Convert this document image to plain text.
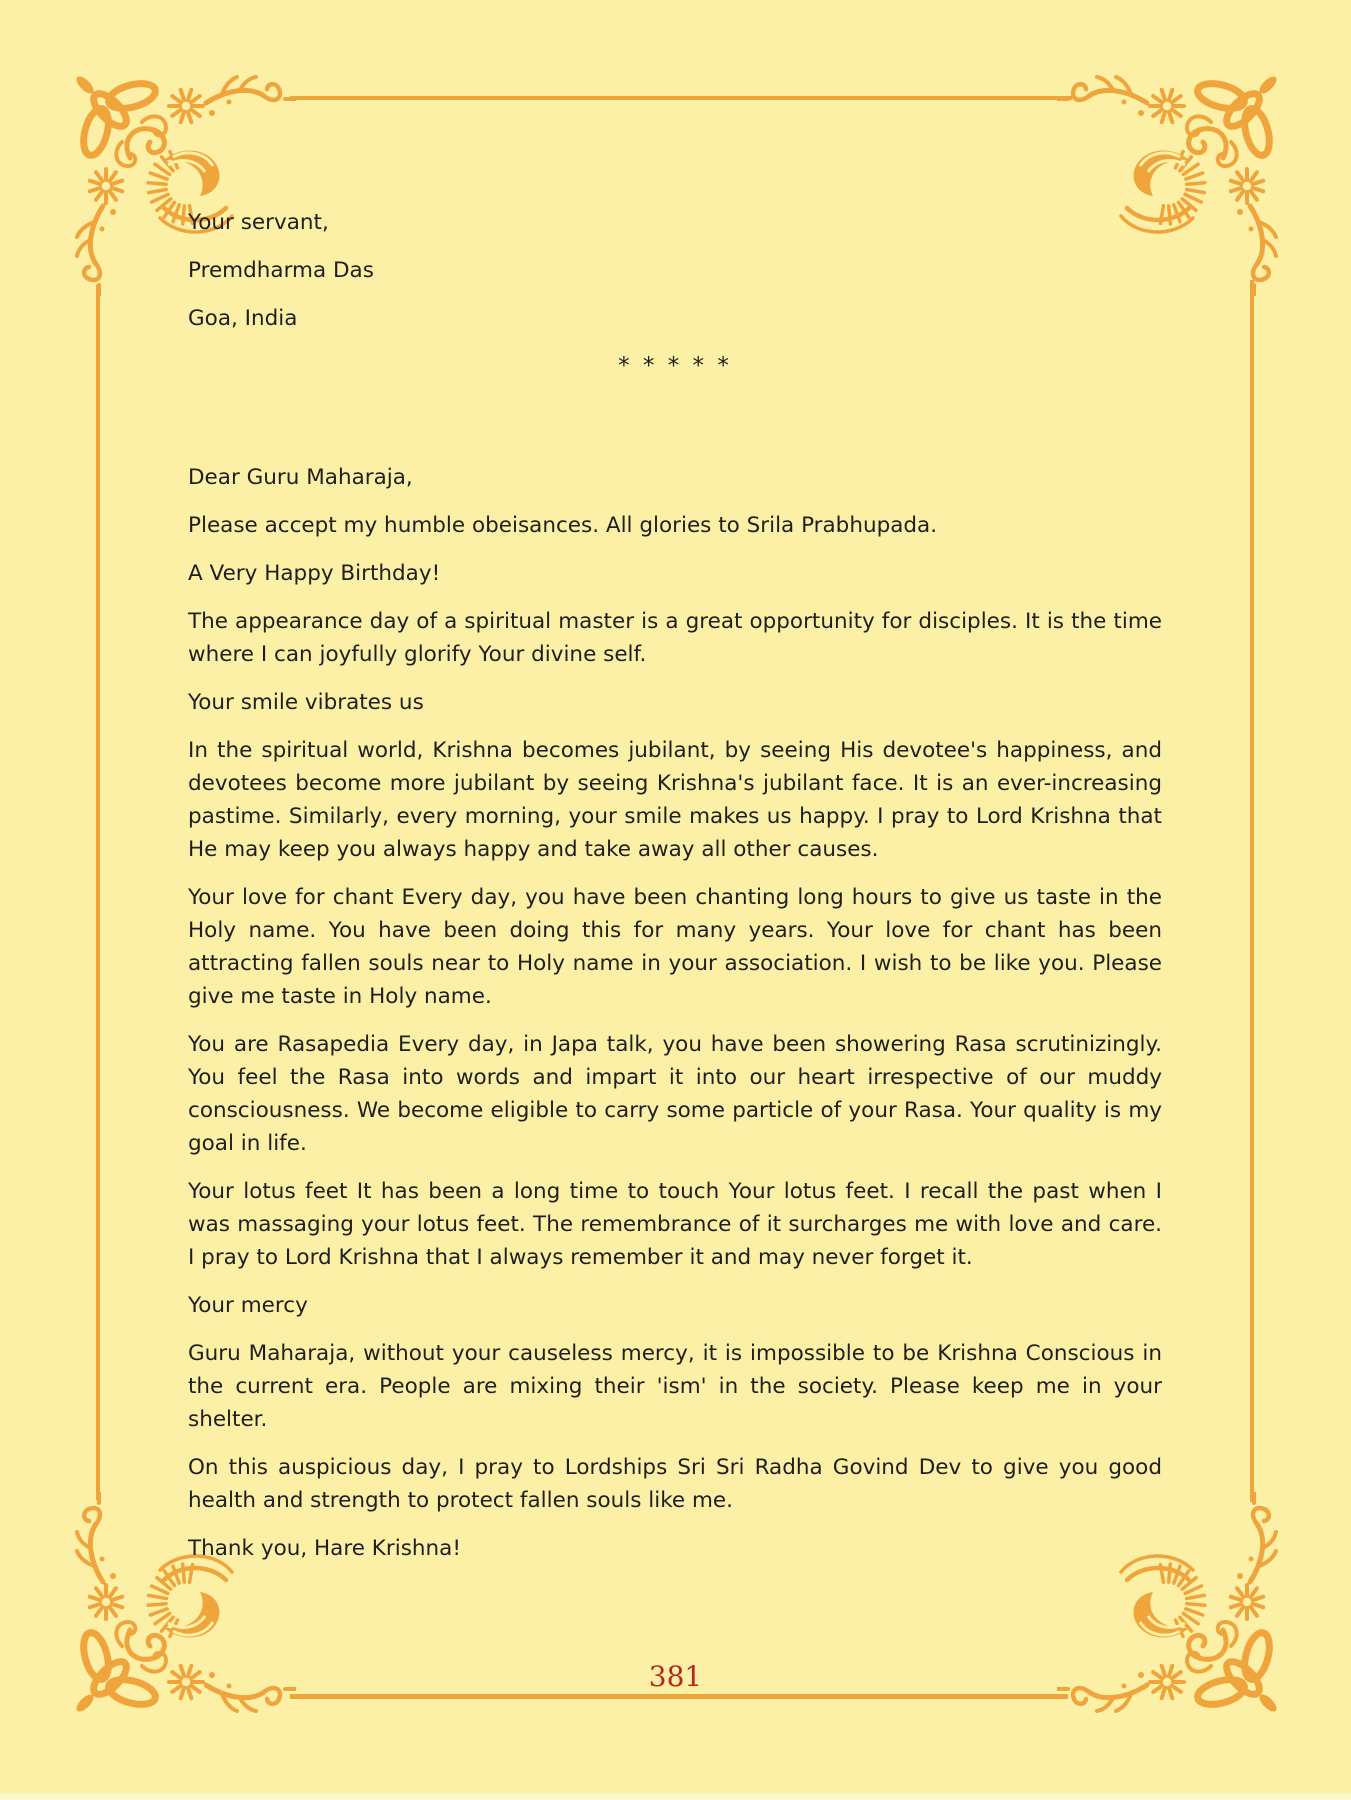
Your servant,

Premdharma Das

Goa, India

* * * * *

Dear Guru Maharaja,

Please accept my humble obeisances. All glories to Srila Prabhupada.

A Very Happy Birthday!

The appearance day of a spiritual master is a great opportunity for disciples. It is the time where I can joyfully glorify Your divine self.

Your smile vibrates us

In the spiritual world, Krishna becomes jubilant, by seeing His devotee's happiness, and devotees become more jubilant by seeing Krishna's jubilant face. It is an ever-increasing pastime. Similarly, every morning, your smile makes us happy. I pray to Lord Krishna that He may keep you always happy and take away all other causes.

Your love for chant Every day, you have been chanting long hours to give us taste in the Holy name. You have been doing this for many years. Your love for chant has been attracting fallen souls near to Holy name in your association. I wish to be like you. Please give me taste in Holy name.

You are Rasapedia Every day, in Japa talk, you have been showering Rasa scrutinizingly. You feel the Rasa into words and impart it into our heart irrespective of our muddy consciousness. We become eligible to carry some particle of your Rasa. Your quality is my goal in life.

Your lotus feet It has been a long time to touch Your lotus feet. I recall the past when I was massaging your lotus feet. The remembrance of it surcharges me with love and care. I pray to Lord Krishna that I always remember it and may never forget it.

Your mercy

Guru Maharaja, without your causeless mercy, it is impossible to be Krishna Conscious in the current era. People are mixing their 'ism' in the society. Please keep me in your shelter.

On this auspicious day, I pray to Lordships Sri Sri Radha Govind Dev to give you good health and strength to protect fallen souls like me.

Thank you, Hare Krishna!

381
